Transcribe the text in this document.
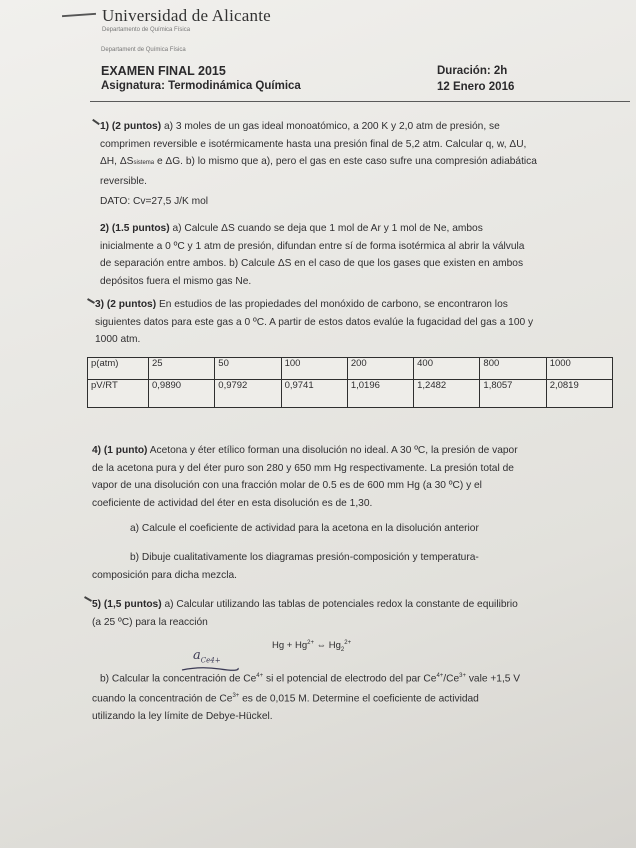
Universidad de Alicante
Departamento de Química Física
Departament de Química Física
EXAMEN FINAL 2015
Asignatura: Termodinámica Química
Duración: 2h
12 Enero 2016
1) (2 puntos) a) 3 moles de un gas ideal monoatómico, a 200 K y 2,0 atm de presión, se
comprimen reversible e isotérmicamente hasta una presión final de 5,2 atm. Calcular q, w, ΔU,
ΔH, ΔSsistema e ΔG. b) lo mismo que a), pero el gas en este caso sufre una compresión adiabática
reversible.
DATO: Cv=27,5 J/K mol
2) (1.5 puntos) a) Calcule ΔS cuando se deja que 1 mol de Ar y 1 mol de Ne, ambos
inicialmente a 0 ºC y 1 atm de presión, difundan entre sí de forma isotérmica al abrir la válvula
de separación entre ambos. b) Calcule ΔS en el caso de que los gases que existen en ambos
depósitos fuera el mismo gas Ne.
3) (2 puntos) En estudios de las propiedades del monóxido de carbono, se encontraron los
siguientes datos para este gas a 0 ºC. A partir de estos datos evalúe la fugacidad del gas a 100 y
1000 atm.
p(atm)	25	50	100	200	400	800	1000
pV/RT	0,9890	0,9792	0,9741	1,0196	1,2482	1,8057	2,0819
4) (1 punto) Acetona y éter etílico forman una disolución no ideal. A 30 ºC, la presión de vapor
de la acetona pura y del éter puro son 280 y 650 mm Hg respectivamente. La presión total de
vapor de una disolución con una fracción molar de 0.5 es de 600 mm Hg (a 30 ºC) y el
coeficiente de actividad del éter en esta disolución es de 1,30.
a) Calcule el coeficiente de actividad para la acetona en la disolución anterior
b) Dibuje cualitativamente los diagramas presión-composición y temperatura-
composición para dicha mezcla.
5) (1,5 puntos) a) Calcular utilizando las tablas de potenciales redox la constante de equilibrio
(a 25 ºC) para la reacción
$Hg + Hg^{2+}$ ⇔ $Hg_2^{2+}$
$a_{Ce4+}$
b) Calcular la concentración de $Ce^{4+}$ si el potencial de electrodo del par $Ce^{4+}/Ce^{3+}$ vale +1,5 V
cuando la concentración de $Ce^{3+}$ es de 0,015 M. Determine el coeficiente de actividad
utilizando la ley límite de Debye-Hückel.
